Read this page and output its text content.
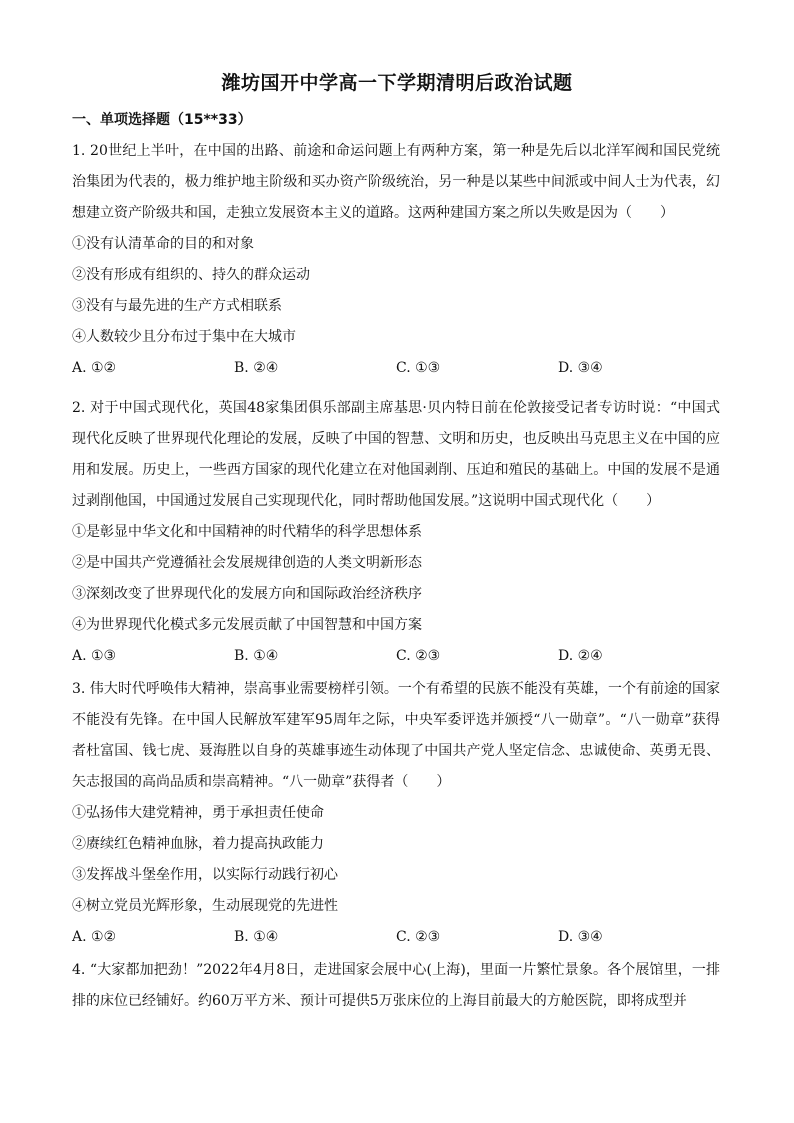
潍坊国开中学高一下学期清明后政治试题
一、单项选择题（15**33）

1. 20世纪上半叶，在中国的出路、前途和命运问题上有两种方案，第一种是先后以北洋军阀和国民党统治集团为代表的，极力维护地主阶级和买办资产阶级统治，另一种是以某些中间派或中间人士为代表，幻想建立资产阶级共和国，走独立发展资本主义的道路。这两种建国方案之所以失败是因为（　　）

①没有认清革命的目的和对象

②没有形成有组织的、持久的群众运动

③没有与最先进的生产方式相联系

④人数较少且分布过于集中在大城市

A. ①②	B. ②④	C. ①③	D. ③④

2. 对于中国式现代化，英国48家集团俱乐部副主席基思·贝内特日前在伦敦接受记者专访时说：“中国式现代化反映了世界现代化理论的发展，反映了中国的智慧、文明和历史，也反映出马克思主义在中国的应用和发展。历史上，一些西方国家的现代化建立在对他国剥削、压迫和殖民的基础上。中国的发展不是通过剥削他国，中国通过发展自己实现现代化，同时帮助他国发展。”这说明中国式现代化（　　）

①是彰显中华文化和中国精神的时代精华的科学思想体系

②是中国共产党遵循社会发展规律创造的人类文明新形态

③深刻改变了世界现代化的发展方向和国际政治经济秩序

④为世界现代化模式多元发展贡献了中国智慧和中国方案

A. ①③	B. ①④	C. ②③	D. ②④

3. 伟大时代呼唤伟大精神，崇高事业需要榜样引领。一个有希望的民族不能没有英雄，一个有前途的国家不能没有先锋。在中国人民解放军建军95周年之际，中央军委评选并颁授“八一勋章”。“八一勋章”获得者杜富国、钱七虎、聂海胜以自身的英雄事迹生动体现了中国共产党人坚定信念、忠诚使命、英勇无畏、矢志报国的高尚品质和崇高精神。“八一勋章”获得者（　　）

①弘扬伟大建党精神，勇于承担责任使命

②赓续红色精神血脉，着力提高执政能力

③发挥战斗堡垒作用，以实际行动践行初心

④树立党员光辉形象，生动展现党的先进性

A. ①②	B. ①④	C. ②③	D. ③④

4. “大家都加把劲！”2022年4月8日，走进国家会展中心(上海)，里面一片繁忙景象。各个展馆里，一排排的床位已经铺好。约60万平方米、预计可提供5万张床位的上海目前最大的方舱医院，即将成型并
